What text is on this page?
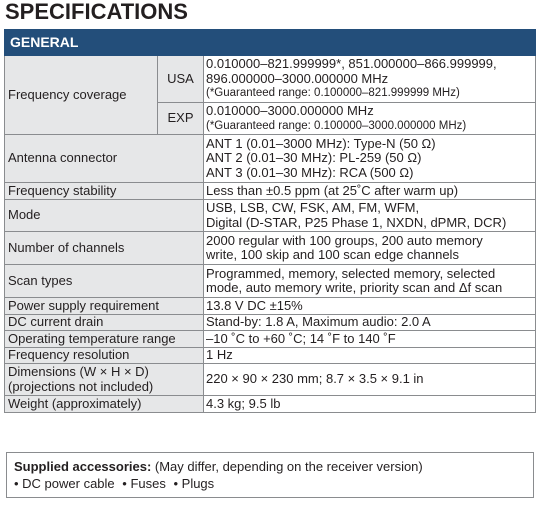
SPECIFICATIONS
GENERAL		
Frequency coverage	USA	0.010000–821.999999*, 851.000000–866.999999,
896.000000–3000.000000 MHz
(*Guaranteed range: 0.100000–821.999999 MHz)

	EXP	0.010000–3000.000000 MHz
(*Guaranteed range: 0.100000–3000.000000 MHz)

Antenna connector		ANT 1 (0.01–3000 MHz): Type-N (50 Ω)
ANT 2 (0.01–30 MHz): PL-259 (50 Ω)
ANT 3 (0.01–30 MHz): RCA (500 Ω)

Frequency stability		Less than ±0.5 ppm (at 25˚C after warm up)
Mode		USB, LSB, CW, FSK, AM, FM, WFM,
Digital (D-STAR, P25 Phase 1, NXDN, dPMR, DCR)

Number of channels		2000 regular with 100 groups, 200 auto memory
write, 100 skip and 100 scan edge channels

Scan types		Programmed, memory, selected memory, selected
mode, auto memory write, priority scan and Δf scan

Power supply requirement		13.8 V DC ±15%
DC current drain		Stand-by: 1.8 A, Maximum audio: 2.0 A
Operating temperature range		–10 ˚C to +60 ˚C; 14 ˚F to 140 ˚F
Frequency resolution		1 Hz

Dimensions (W × H × D)
(projections not included)		220 × 90 × 230 mm; 8.7 × 3.5 × 9.1 in
Weight (approximately)		4.3 kg; 9.5 lb
Supplied accessories: (May differ, depending on the receiver version)
• DC power cable • Fuses • Plugs
